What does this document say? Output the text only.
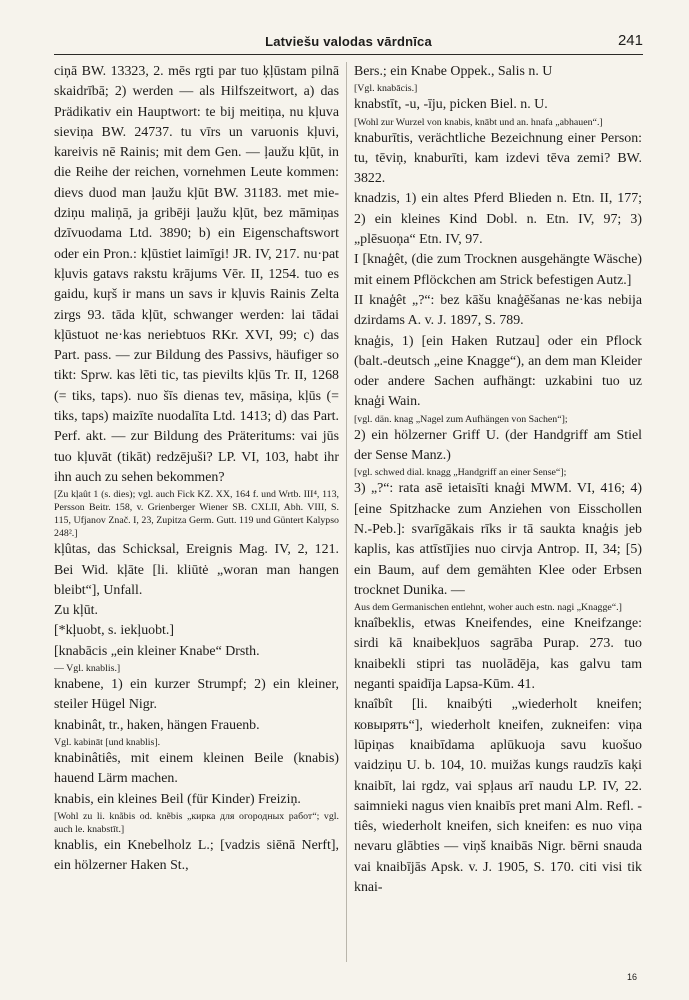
Latviešu valodas vārdnīca	241

ciņā BW. 13323, 2. mēs rgti par tuo ķļūstam pilnā skaidrībā; 2) werden — als Hilfszeitwort, a) das Prädikativ ein Hauptwort: te bij meitiņa, nu kļuva sieviņa BW. 24737. tu vīrs un varuonis kļuvi, kareivis nē Rainis; mit dem Gen. — ļaužu kļūt, in die Reihe der reichen, vornehmen Leute kommen: dievs duod man ļaužu kļūt BW. 31183. met mie- dziņu maliņā, ja gribēji ļaužu kļūt, bez māmiņas dzīvuodama Ltd. 3890; b) ein Eigenschaftswort oder ein Pron.: kļūstiet laimīgi! JR. IV, 217. nu·pat kļuvis gatavs rakstu krājums Vēr. II, 1254. tuo es gaidu, kuŗš ir mans un savs ir kļuvis Rainis Zelta zirgs 93. tāda kļūt, schwanger werden: lai tādai kļūstuot ne·kas neriebtuos RKr. XVI, 99; c) das Part. pass. — zur Bildung des Passivs, häufiger so tikt: Sprw. kas lēti tic, tas pievilts kļūs Tr. II, 1268 (= tiks, taps). nuo šīs dienas tev, māsiņa, kļūs (= tiks, taps) maizīte nuodalīta Ltd. 1413; d) das Part. Perf. akt. — zur Bildung des Präteritums: vai jūs tuo kļuvāt (tikāt) redzējuši? LP. VI, 103, habt ihr ihn auch zu sehen bekommen?

[Zu kļaût 1 (s. dies); vgl. auch Fick KZ. XX, 164 f. und Wrtb. III⁴, 113, Persson Beitr. 158, v. Grienberger Wiener SB. CXLII, Abh. VIII, S. 115, Ufjanov Znač. I, 23, Zupitza Germ. Gutt. 119 und Güntert Kalypso 248².]

kļûtas, das Schicksal, Ereignis Mag. IV, 2, 121. Bei Wid. kļāte [li. kliūtė „woran man hangen bleibt“], Unfall.

Zu kļūt.

[*kļuobt, s. iekļuobt.]

[knabācis „ein kleiner Knabe“ Drsth.

— Vgl. knablis.]

knabene, 1) ein kurzer Strumpf; 2) ein kleiner, steiler Hügel Nigr.

knabinât, tr., haken, hängen Frauenb.

Vgl. kabināt [und knablis].

knabinâtiês, mit einem kleinen Beile (knabis) hauend Lärm machen.

knabis, ein kleines Beil (für Kinder) Freiziņ.

[Wohl zu li. knãbis od. knẽbis „кирка для огородных работ“; vgl. auch le. knabstīt.]

knablis, ein Knebelholz L.; [vadzis siēnā Nerft], ein hölzerner Haken St.,

Bers.; ein Knabe Oppek., Salis n. U

[Vgl. knabācis.]

knabstīt, -u, -īju, picken Biel. n. U.

[Wohl zur Wurzel von knabis, knābt und an. hnafa „abhauen“.]

knaburītis, verächtliche Bezeichnung einer Person: tu, tēviņ, knaburīti, kam izdevi tēva zemi? BW. 3822.

knadzis, 1) ein altes Pferd Blieden n. Etn. II, 177; 2) ein kleines Kind Dobl. n. Etn. IV, 97; 3) „plēsuoņa“ Etn. IV, 97.

I [knaģêt, (die zum Trocknen ausgehängte Wäsche) mit einem Pflöckchen am Strick befestigen Autz.]

II knaģêt „?“: bez kāšu knaģēšanas ne·kas nebija dzirdams A. v. J. 1897, S. 789.

knaģis, 1) [ein Haken Rutzau] oder ein Pflock (balt.-deutsch „eine Knagge“), an dem man Kleider oder andere Sachen aufhängt: uzkabini tuo uz knaģi Wain.

[vgl. dän. knag „Nagel zum Aufhängen von Sachen“];

2) ein hölzerner Griff U. (der Handgriff am Stiel der Sense Manz.)

[vgl. schwed dial. knagg „Handgriff an einer Sense“];

3) „?“: rata asē ietaisīti knaģi MWM. VI, 416; 4) [eine Spitzhacke zum Anziehen von Eisschollen N.-Peb.]: svarīgākais rīks ir tā saukta knaģis jeb kaplis, kas attīstījies nuo cirvja Antrop. II, 34; [5) ein Baum, auf dem gemähten Klee oder Erbsen trocknet Dunika. —

Aus dem Germanischen entlehnt, woher auch estn. nagi „Knagge“.]

knaîbeklis, etwas Kneifendes, eine Kneifzange: sirdi kā knaibekļuos sagrāba Purap. 273. tuo knaibekli stipri tas nuolādēja, kas galvu tam neganti spaidīja Lapsa-Kūm. 41.

knaîbît [li. knaibýti „wiederholt kneifen; ковырять“], wiederholt kneifen, zukneifen: viņa lūpiņas knaibīdama aplūkuoja savu kuošuo vaidziņu U. b. 104, 10. muižas kungs raudzīs kaķi knaibīt, lai rgdz, vai spļaus arī naudu LP. IV, 22. saimnieki nagus vien knaibīs pret mani Alm. Refl. -tiês, wiederholt kneifen, sich kneifen: es nuo viņa nevaru glābties — viņš knaibās Nigr. bērni snauda vai knaibījās Apsk. v. J. 1905, S. 170. citi visi tik knai-

16
